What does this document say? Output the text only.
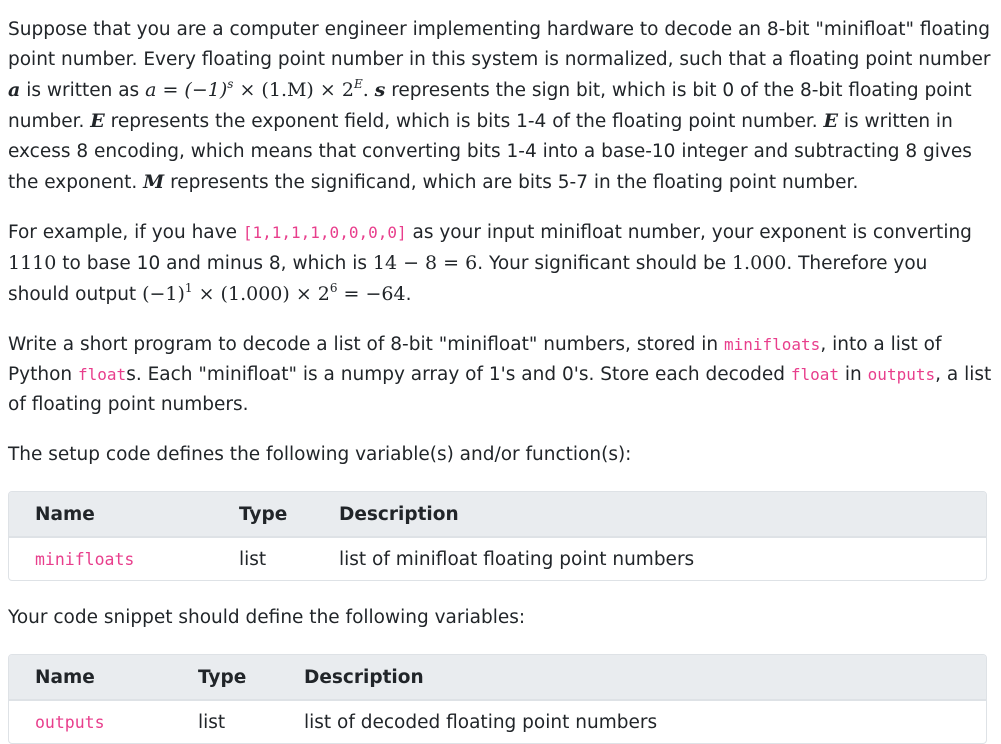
Suppose that you are a computer engineer implementing hardware to decode an 8-bit "minifloat" floating point number. Every floating point number in this system is normalized, such that a floating point number a is written as $a = (-1)^s \times (1.M) \times 2^E$. s represents the sign bit, which is bit 0 of the 8-bit floating point number. E represents the exponent field, which is bits 1-4 of the floating point number. E is written in excess 8 encoding, which means that converting bits 1-4 into a base-10 integer and subtracting 8 gives the exponent. M represents the significand, which are bits 5-7 in the floating point number.

For example, if you have [1,1,1,1,0,0,0,0] as your input minifloat number, your exponent is converting 1110 to base 10 and minus 8, which is 14 − 8 = 6. Your significant should be 1.000. Therefore you should output $(-1)^1 \times (1.000) \times 2^6 = -64$.

Write a short program to decode a list of 8-bit "minifloat" numbers, stored in minifloats, into a list of Python floats. Each "minifloat" is a numpy array of 1's and 0's. Store each decoded float in outputs, a list of floating point numbers.

The setup code defines the following variable(s) and/or function(s):

Name	Type	Description
minifloats	list	list of minifloat floating point numbers

Your code snippet should define the following variables:

Name	Type	Description
outputs	list	list of decoded floating point numbers
